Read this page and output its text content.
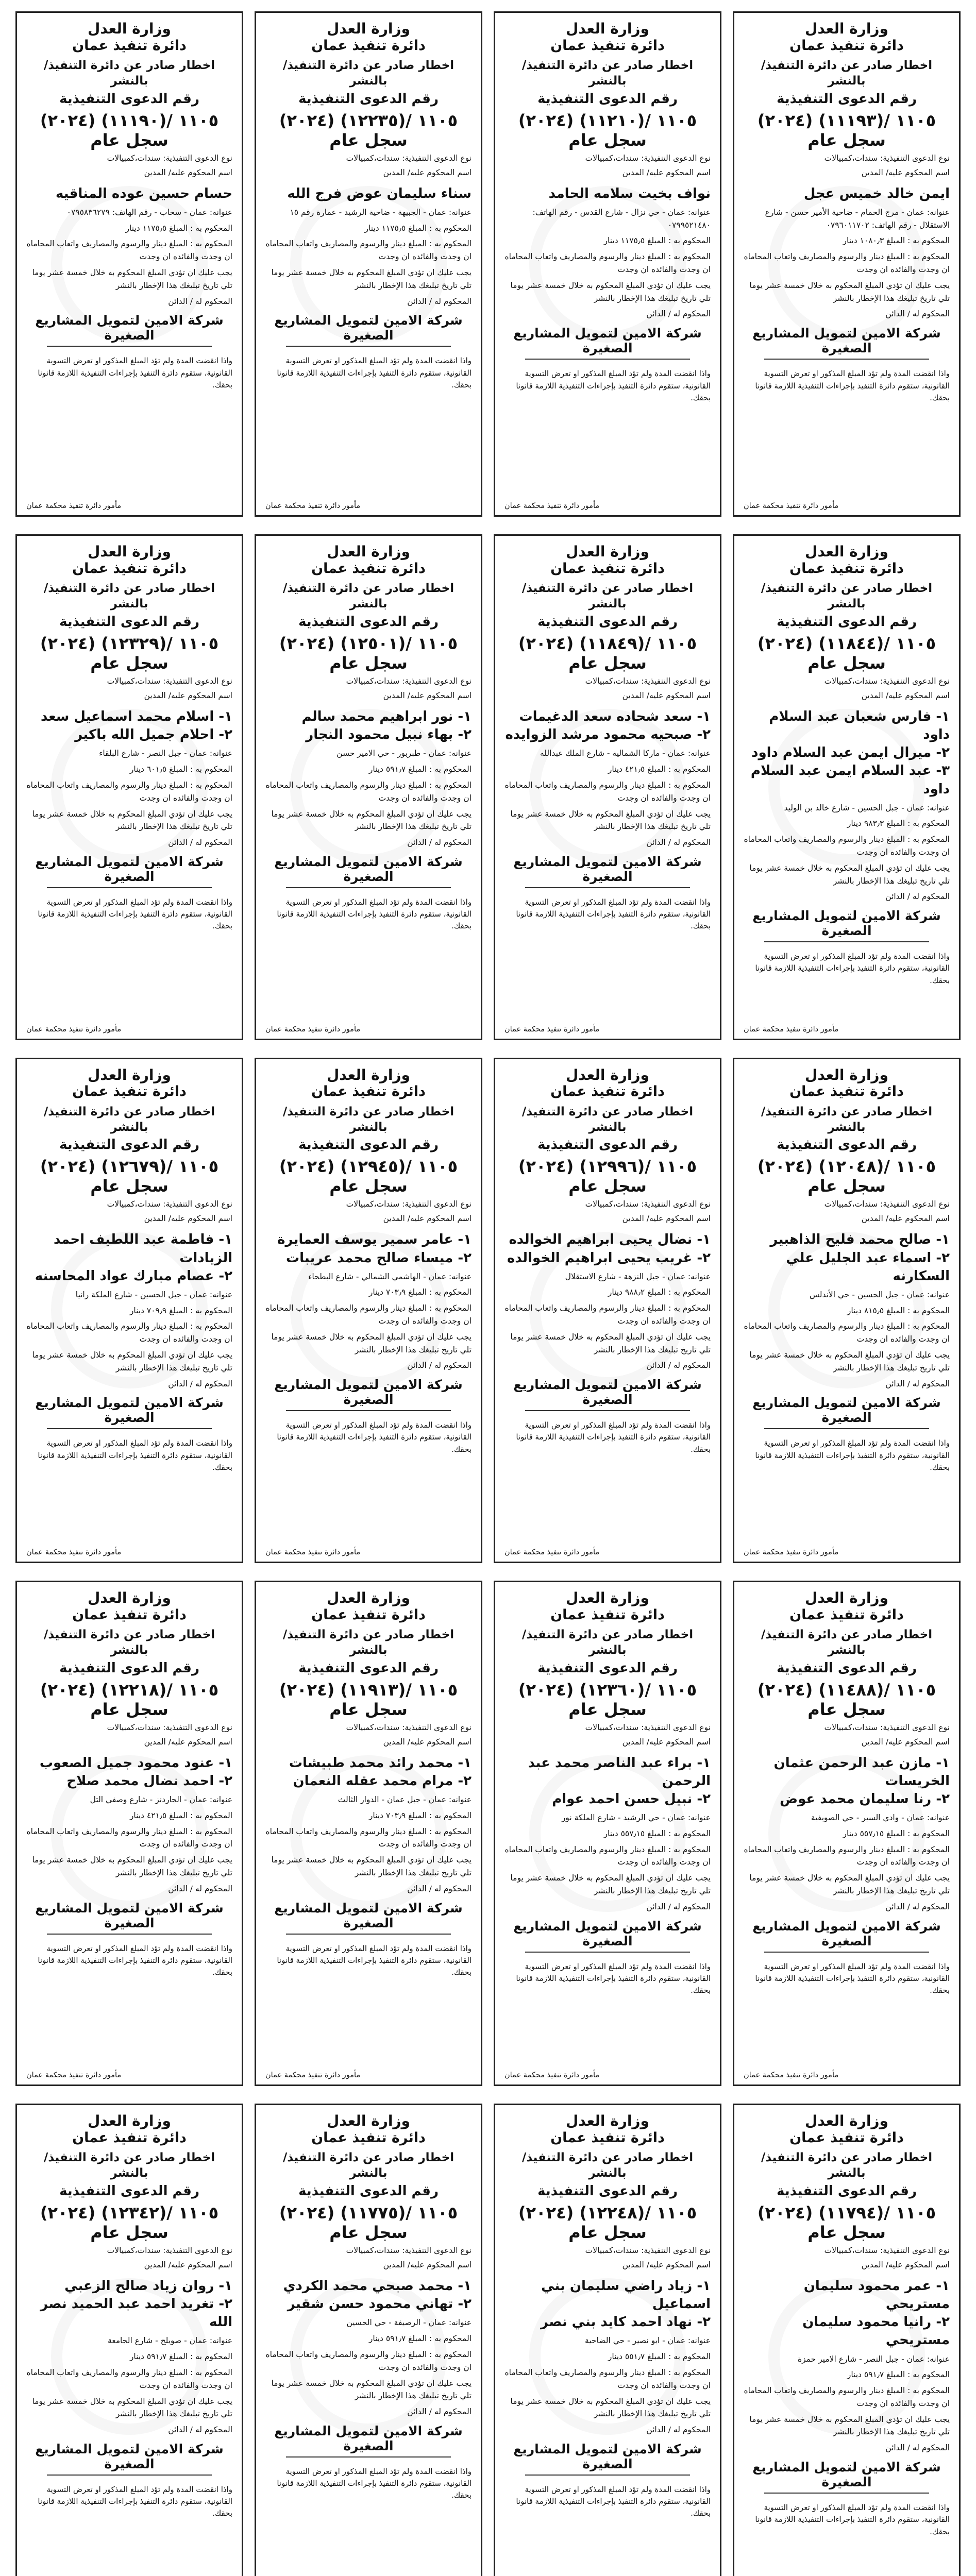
وزارة العدل
دائرة تنفيذ عمان
اخطار صادر عن دائرة التنفيذ/ بالنشر
رقم الدعوى التنفيذية
١١٠٥ /(١١١٩٣) (٢٠٢٤) سجل عام
نوع الدعوى التنفيذية: سندات،كمبيالات
اسم المحكوم عليه/ المدين
ايمن خالد خميس عجل
عنوانه: عمان - مرج الحمام - ضاحية الأمير حسن - شارع الاستقلال - رقم الهاتف: ٠٧٩٦٠١١٧٠٢
المحكوم به : المبلغ ١٠٨٠٫٣ دينار
المحكوم به : المبلغ دينار والرسوم والمصاريف واتعاب المحاماه ان وجدت والفائده ان وجدت
يجب عليك ان تؤدي المبلغ المحكوم به خلال خمسة عشر يوما تلي تاريخ تبليغك هذا الإخطار بالنشر
المحكوم له / الدائن
شركة الامين لتمويل المشاريع الصغيرة
واذا انقضت المدة ولم تؤد المبلغ المذكور او تعرض التسوية القانونية، ستقوم دائرة التنفيذ بإجراءات التنفيذية اللازمة قانونا بحقك.
مأمور دائرة تنفيذ محكمة عمان
وزارة العدل
دائرة تنفيذ عمان
اخطار صادر عن دائرة التنفيذ/ بالنشر
رقم الدعوى التنفيذية
١١٠٥ /(١١٢١٠) (٢٠٢٤) سجل عام
نوع الدعوى التنفيذية: سندات،كمبيالات
اسم المحكوم عليه/ المدين
نواف بخيت سلامه الحامد
عنوانه: عمان - حي نزال - شارع القدس - رقم الهاتف: ٠٧٩٩٥٢١٤٨٠
المحكوم به : المبلغ ١١٧٥٫٥ دينار
المحكوم به : المبلغ دينار والرسوم والمصاريف واتعاب المحاماه ان وجدت والفائده ان وجدت
يجب عليك ان تؤدي المبلغ المحكوم به خلال خمسة عشر يوما تلي تاريخ تبليغك هذا الإخطار بالنشر
المحكوم له / الدائن
شركة الامين لتمويل المشاريع الصغيرة
واذا انقضت المدة ولم تؤد المبلغ المذكور او تعرض التسوية القانونية، ستقوم دائرة التنفيذ بإجراءات التنفيذية اللازمة قانونا بحقك.
مأمور دائرة تنفيذ محكمة عمان
وزارة العدل
دائرة تنفيذ عمان
اخطار صادر عن دائرة التنفيذ/ بالنشر
رقم الدعوى التنفيذية
١١٠٥ /(١٢٢٣٥) (٢٠٢٤) سجل عام
نوع الدعوى التنفيذية: سندات،كمبيالات
اسم المحكوم عليه/ المدين
سناء سليمان عوض فرج الله
عنوانه: عمان - الجبيهة - ضاحية الرشيد - عمارة رقم ١٥
المحكوم به : المبلغ ١١٧٥٫٥ دينار
المحكوم به : المبلغ دينار والرسوم والمصاريف واتعاب المحاماه ان وجدت والفائده ان وجدت
يجب عليك ان تؤدي المبلغ المحكوم به خلال خمسة عشر يوما تلي تاريخ تبليغك هذا الإخطار بالنشر
المحكوم له / الدائن
شركة الامين لتمويل المشاريع الصغيرة
واذا انقضت المدة ولم تؤد المبلغ المذكور او تعرض التسوية القانونية، ستقوم دائرة التنفيذ بإجراءات التنفيذية اللازمة قانونا بحقك.
مأمور دائرة تنفيذ محكمة عمان
وزارة العدل
دائرة تنفيذ عمان
اخطار صادر عن دائرة التنفيذ/ بالنشر
رقم الدعوى التنفيذية
١١٠٥ /(١١١٩٠) (٢٠٢٤) سجل عام
نوع الدعوى التنفيذية: سندات،كمبيالات
اسم المحكوم عليه/ المدين
حسام حسين عوده المناقيه
عنوانه: عمان - سحاب - رقم الهاتف: ٠٧٩٥٨٣٦٢٧٩
المحكوم به : المبلغ ١١٧٥٫٥ دينار
المحكوم به : المبلغ دينار والرسوم والمصاريف واتعاب المحاماه ان وجدت والفائده ان وجدت
يجب عليك ان تؤدي المبلغ المحكوم به خلال خمسة عشر يوما تلي تاريخ تبليغك هذا الإخطار بالنشر
المحكوم له / الدائن
شركة الامين لتمويل المشاريع الصغيرة
واذا انقضت المدة ولم تؤد المبلغ المذكور او تعرض التسوية القانونية، ستقوم دائرة التنفيذ بإجراءات التنفيذية اللازمة قانونا بحقك.
مأمور دائرة تنفيذ محكمة عمان
وزارة العدل
دائرة تنفيذ عمان
اخطار صادر عن دائرة التنفيذ/ بالنشر
رقم الدعوى التنفيذية
١١٠٥ /(١١٨٤٤) (٢٠٢٤) سجل عام
نوع الدعوى التنفيذية: سندات،كمبيالات
اسم المحكوم عليه/ المدين
١- فارس شعبان عبد السلام داود
٢- ميرال ايمن عبد السلام داود
٣- عبد السلام ايمن عبد السلام داود
عنوانه: عمان - جبل الحسين - شارع خالد بن الوليد
المحكوم به : المبلغ ٩٨٣٫٣ دينار
المحكوم به : المبلغ دينار والرسوم والمصاريف واتعاب المحاماه ان وجدت والفائده ان وجدت
يجب عليك ان تؤدي المبلغ المحكوم به خلال خمسة عشر يوما تلي تاريخ تبليغك هذا الإخطار بالنشر
المحكوم له / الدائن
شركة الامين لتمويل المشاريع الصغيرة
واذا انقضت المدة ولم تؤد المبلغ المذكور او تعرض التسوية القانونية، ستقوم دائرة التنفيذ بإجراءات التنفيذية اللازمة قانونا بحقك.
مأمور دائرة تنفيذ محكمة عمان
وزارة العدل
دائرة تنفيذ عمان
اخطار صادر عن دائرة التنفيذ/ بالنشر
رقم الدعوى التنفيذية
١١٠٥ /(١١٨٤٩) (٢٠٢٤) سجل عام
نوع الدعوى التنفيذية: سندات،كمبيالات
اسم المحكوم عليه/ المدين
١- سعد شحاده سعد الدغيمات
٢- صبحيه محمود مرشد الزوايده
عنوانه: عمان - ماركا الشمالية - شارع الملك عبدالله
المحكوم به : المبلغ ٤٢١٫٥ دينار
المحكوم به : المبلغ دينار والرسوم والمصاريف واتعاب المحاماه ان وجدت والفائده ان وجدت
يجب عليك ان تؤدي المبلغ المحكوم به خلال خمسة عشر يوما تلي تاريخ تبليغك هذا الإخطار بالنشر
المحكوم له / الدائن
شركة الامين لتمويل المشاريع الصغيرة
واذا انقضت المدة ولم تؤد المبلغ المذكور او تعرض التسوية القانونية، ستقوم دائرة التنفيذ بإجراءات التنفيذية اللازمة قانونا بحقك.
مأمور دائرة تنفيذ محكمة عمان
وزارة العدل
دائرة تنفيذ عمان
اخطار صادر عن دائرة التنفيذ/ بالنشر
رقم الدعوى التنفيذية
١١٠٥ /(١٢٥٠١) (٢٠٢٤) سجل عام
نوع الدعوى التنفيذية: سندات،كمبيالات
اسم المحكوم عليه/ المدين
١- نور ابراهيم محمد سالم
٢- بهاء نبيل محمود النجار
عنوانه: عمان - طبربور - حي الامير حسن
المحكوم به : المبلغ ٥٩١٫٧ دينار
المحكوم به : المبلغ دينار والرسوم والمصاريف واتعاب المحاماه ان وجدت والفائده ان وجدت
يجب عليك ان تؤدي المبلغ المحكوم به خلال خمسة عشر يوما تلي تاريخ تبليغك هذا الإخطار بالنشر
المحكوم له / الدائن
شركة الامين لتمويل المشاريع الصغيرة
واذا انقضت المدة ولم تؤد المبلغ المذكور او تعرض التسوية القانونية، ستقوم دائرة التنفيذ بإجراءات التنفيذية اللازمة قانونا بحقك.
مأمور دائرة تنفيذ محكمة عمان
وزارة العدل
دائرة تنفيذ عمان
اخطار صادر عن دائرة التنفيذ/ بالنشر
رقم الدعوى التنفيذية
١١٠٥ /(١٢٣٢٩) (٢٠٢٤) سجل عام
نوع الدعوى التنفيذية: سندات،كمبيالات
اسم المحكوم عليه/ المدين
١- اسلام محمد اسماعيل سعد
٢- احلام جميل الله باكير
عنوانه: عمان - جبل النصر - شارع البلقاء
المحكوم به : المبلغ ٦٠١٫٥ دينار
المحكوم به : المبلغ دينار والرسوم والمصاريف واتعاب المحاماه ان وجدت والفائده ان وجدت
يجب عليك ان تؤدي المبلغ المحكوم به خلال خمسة عشر يوما تلي تاريخ تبليغك هذا الإخطار بالنشر
المحكوم له / الدائن
شركة الامين لتمويل المشاريع الصغيرة
واذا انقضت المدة ولم تؤد المبلغ المذكور او تعرض التسوية القانونية، ستقوم دائرة التنفيذ بإجراءات التنفيذية اللازمة قانونا بحقك.
مأمور دائرة تنفيذ محكمة عمان
وزارة العدل
دائرة تنفيذ عمان
اخطار صادر عن دائرة التنفيذ/ بالنشر
رقم الدعوى التنفيذية
١١٠٥ /(١٢٠٤٨) (٢٠٢٤) سجل عام
نوع الدعوى التنفيذية: سندات،كمبيالات
اسم المحكوم عليه/ المدين
١- صالح محمد فليح الذاهبير
٢- اسماء عبد الجليل علي السكارنه
عنوانه: عمان - جبل الحسين - حي الأندلس
المحكوم به : المبلغ ٨١٥٫٥ دينار
المحكوم به : المبلغ دينار والرسوم والمصاريف واتعاب المحاماه ان وجدت والفائده ان وجدت
يجب عليك ان تؤدي المبلغ المحكوم به خلال خمسة عشر يوما تلي تاريخ تبليغك هذا الإخطار بالنشر
المحكوم له / الدائن
شركة الامين لتمويل المشاريع الصغيرة
واذا انقضت المدة ولم تؤد المبلغ المذكور او تعرض التسوية القانونية، ستقوم دائرة التنفيذ بإجراءات التنفيذية اللازمة قانونا بحقك.
مأمور دائرة تنفيذ محكمة عمان
وزارة العدل
دائرة تنفيذ عمان
اخطار صادر عن دائرة التنفيذ/ بالنشر
رقم الدعوى التنفيذية
١١٠٥ /(١٢٩٩٦) (٢٠٢٤) سجل عام
نوع الدعوى التنفيذية: سندات،كمبيالات
اسم المحكوم عليه/ المدين
١- نضال يحيى ابراهيم الخوالده
٢- غريب يحيى ابراهيم الخوالده
عنوانه: عمان - جبل النزهة - شارع الاستقلال
المحكوم به : المبلغ ٩٨٨٫٢ دينار
المحكوم به : المبلغ دينار والرسوم والمصاريف واتعاب المحاماه ان وجدت والفائده ان وجدت
يجب عليك ان تؤدي المبلغ المحكوم به خلال خمسة عشر يوما تلي تاريخ تبليغك هذا الإخطار بالنشر
المحكوم له / الدائن
شركة الامين لتمويل المشاريع الصغيرة
واذا انقضت المدة ولم تؤد المبلغ المذكور او تعرض التسوية القانونية، ستقوم دائرة التنفيذ بإجراءات التنفيذية اللازمة قانونا بحقك.
مأمور دائرة تنفيذ محكمة عمان
وزارة العدل
دائرة تنفيذ عمان
اخطار صادر عن دائرة التنفيذ/ بالنشر
رقم الدعوى التنفيذية
١١٠٥ /(١٢٩٤٥) (٢٠٢٤) سجل عام
نوع الدعوى التنفيذية: سندات،كمبيالات
اسم المحكوم عليه/ المدين
١- عامر سمير يوسف العمايرة
٢- ميساء صالح محمد عريبات
عنوانه: عمان - الهاشمي الشمالي - شارع البطحاء
المحكوم به : المبلغ ٧٠٣٫٩ دينار
المحكوم به : المبلغ دينار والرسوم والمصاريف واتعاب المحاماه ان وجدت والفائده ان وجدت
يجب عليك ان تؤدي المبلغ المحكوم به خلال خمسة عشر يوما تلي تاريخ تبليغك هذا الإخطار بالنشر
المحكوم له / الدائن
شركة الامين لتمويل المشاريع الصغيرة
واذا انقضت المدة ولم تؤد المبلغ المذكور او تعرض التسوية القانونية، ستقوم دائرة التنفيذ بإجراءات التنفيذية اللازمة قانونا بحقك.
مأمور دائرة تنفيذ محكمة عمان
وزارة العدل
دائرة تنفيذ عمان
اخطار صادر عن دائرة التنفيذ/ بالنشر
رقم الدعوى التنفيذية
١١٠٥ /(١٢٦٧٩) (٢٠٢٤) سجل عام
نوع الدعوى التنفيذية: سندات،كمبيالات
اسم المحكوم عليه/ المدين
١- فاطمة عبد اللطيف احمد الزيادات
٢- عصام مبارك عواد المحاسنه
عنوانه: عمان - جبل الحسين - شارع الملكة رانيا
المحكوم به : المبلغ ٧٠٩٫٩ دينار
المحكوم به : المبلغ دينار والرسوم والمصاريف واتعاب المحاماه ان وجدت والفائده ان وجدت
يجب عليك ان تؤدي المبلغ المحكوم به خلال خمسة عشر يوما تلي تاريخ تبليغك هذا الإخطار بالنشر
المحكوم له / الدائن
شركة الامين لتمويل المشاريع الصغيرة
واذا انقضت المدة ولم تؤد المبلغ المذكور او تعرض التسوية القانونية، ستقوم دائرة التنفيذ بإجراءات التنفيذية اللازمة قانونا بحقك.
مأمور دائرة تنفيذ محكمة عمان
وزارة العدل
دائرة تنفيذ عمان
اخطار صادر عن دائرة التنفيذ/ بالنشر
رقم الدعوى التنفيذية
١١٠٥ /(١١٤٨٨) (٢٠٢٤) سجل عام
نوع الدعوى التنفيذية: سندات،كمبيالات
اسم المحكوم عليه/ المدين
١- مازن عبد الرحمن عثمان الخريسات
٢- رنا سليمان محمد عوض
عنوانه: عمان - وادي السير - حي الصويفية
المحكوم به : المبلغ ٥٥٧٫١٥ دينار
المحكوم به : المبلغ دينار والرسوم والمصاريف واتعاب المحاماه ان وجدت والفائده ان وجدت
يجب عليك ان تؤدي المبلغ المحكوم به خلال خمسة عشر يوما تلي تاريخ تبليغك هذا الإخطار بالنشر
المحكوم له / الدائن
شركة الامين لتمويل المشاريع الصغيرة
واذا انقضت المدة ولم تؤد المبلغ المذكور او تعرض التسوية القانونية، ستقوم دائرة التنفيذ بإجراءات التنفيذية اللازمة قانونا بحقك.
مأمور دائرة تنفيذ محكمة عمان
وزارة العدل
دائرة تنفيذ عمان
اخطار صادر عن دائرة التنفيذ/ بالنشر
رقم الدعوى التنفيذية
١١٠٥ /(١٢٣٦٠) (٢٠٢٤) سجل عام
نوع الدعوى التنفيذية: سندات،كمبيالات
اسم المحكوم عليه/ المدين
١- براء عبد الناصر محمد عبد الرحمن
٢- نبيل حسن احمد عوام
عنوانه: عمان - حي الرشيد - شارع الملكة نور
المحكوم به : المبلغ ٥٥٧٫١٥ دينار
المحكوم به : المبلغ دينار والرسوم والمصاريف واتعاب المحاماه ان وجدت والفائده ان وجدت
يجب عليك ان تؤدي المبلغ المحكوم به خلال خمسة عشر يوما تلي تاريخ تبليغك هذا الإخطار بالنشر
المحكوم له / الدائن
شركة الامين لتمويل المشاريع الصغيرة
واذا انقضت المدة ولم تؤد المبلغ المذكور او تعرض التسوية القانونية، ستقوم دائرة التنفيذ بإجراءات التنفيذية اللازمة قانونا بحقك.
مأمور دائرة تنفيذ محكمة عمان
وزارة العدل
دائرة تنفيذ عمان
اخطار صادر عن دائرة التنفيذ/ بالنشر
رقم الدعوى التنفيذية
١١٠٥ /(١١٩١٣) (٢٠٢٤) سجل عام
نوع الدعوى التنفيذية: سندات،كمبيالات
اسم المحكوم عليه/ المدين
١- محمد رائد محمد طبيشات
٢- مرام محمد عقله النعمان
عنوانه: عمان - جبل عمان - الدوار الثالث
المحكوم به : المبلغ ٧٠٣٫٩ دينار
المحكوم به : المبلغ دينار والرسوم والمصاريف واتعاب المحاماه ان وجدت والفائده ان وجدت
يجب عليك ان تؤدي المبلغ المحكوم به خلال خمسة عشر يوما تلي تاريخ تبليغك هذا الإخطار بالنشر
المحكوم له / الدائن
شركة الامين لتمويل المشاريع الصغيرة
واذا انقضت المدة ولم تؤد المبلغ المذكور او تعرض التسوية القانونية، ستقوم دائرة التنفيذ بإجراءات التنفيذية اللازمة قانونا بحقك.
مأمور دائرة تنفيذ محكمة عمان
وزارة العدل
دائرة تنفيذ عمان
اخطار صادر عن دائرة التنفيذ/ بالنشر
رقم الدعوى التنفيذية
١١٠٥ /(١٢٢١٨) (٢٠٢٤) سجل عام
نوع الدعوى التنفيذية: سندات،كمبيالات
اسم المحكوم عليه/ المدين
١- عنود محمود جميل الصعوب
٢- احمد نضال محمد صلاح
عنوانه: عمان - الجاردنز - شارع وصفي التل
المحكوم به : المبلغ ٤٢١٫٥ دينار
المحكوم به : المبلغ دينار والرسوم والمصاريف واتعاب المحاماه ان وجدت والفائده ان وجدت
يجب عليك ان تؤدي المبلغ المحكوم به خلال خمسة عشر يوما تلي تاريخ تبليغك هذا الإخطار بالنشر
المحكوم له / الدائن
شركة الامين لتمويل المشاريع الصغيرة
واذا انقضت المدة ولم تؤد المبلغ المذكور او تعرض التسوية القانونية، ستقوم دائرة التنفيذ بإجراءات التنفيذية اللازمة قانونا بحقك.
مأمور دائرة تنفيذ محكمة عمان
وزارة العدل
دائرة تنفيذ عمان
اخطار صادر عن دائرة التنفيذ/ بالنشر
رقم الدعوى التنفيذية
١١٠٥ /(١١٧٩٤) (٢٠٢٤) سجل عام
نوع الدعوى التنفيذية: سندات،كمبيالات
اسم المحكوم عليه/ المدين
١- عمر محمود سليمان مستريحي
٢- رانيا محمود سليمان مستريحي
عنوانه: عمان - جبل النصر - شارع الامير حمزة
المحكوم به : المبلغ ٥٩١٫٧ دينار
المحكوم به : المبلغ دينار والرسوم والمصاريف واتعاب المحاماه ان وجدت والفائده ان وجدت
يجب عليك ان تؤدي المبلغ المحكوم به خلال خمسة عشر يوما تلي تاريخ تبليغك هذا الإخطار بالنشر
المحكوم له / الدائن
شركة الامين لتمويل المشاريع الصغيرة
واذا انقضت المدة ولم تؤد المبلغ المذكور او تعرض التسوية القانونية، ستقوم دائرة التنفيذ بإجراءات التنفيذية اللازمة قانونا بحقك.
وزارة العدل
دائرة تنفيذ عمان
اخطار صادر عن دائرة التنفيذ/ بالنشر
رقم الدعوى التنفيذية
١١٠٥ /(١٢٢٤٨) (٢٠٢٤) سجل عام
نوع الدعوى التنفيذية: سندات،كمبيالات
اسم المحكوم عليه/ المدين
١- زياد راضي سليمان بني اسماعيل
٢- نهاد احمد كايد بني نصر
عنوانه: عمان - ابو نصير - حي الضاحية
المحكوم به : المبلغ ٥٥١٫٧ دينار
المحكوم به : المبلغ دينار والرسوم والمصاريف واتعاب المحاماه ان وجدت والفائده ان وجدت
يجب عليك ان تؤدي المبلغ المحكوم به خلال خمسة عشر يوما تلي تاريخ تبليغك هذا الإخطار بالنشر
المحكوم له / الدائن
شركة الامين لتمويل المشاريع الصغيرة
واذا انقضت المدة ولم تؤد المبلغ المذكور او تعرض التسوية القانونية، ستقوم دائرة التنفيذ بإجراءات التنفيذية اللازمة قانونا بحقك.
وزارة العدل
دائرة تنفيذ عمان
اخطار صادر عن دائرة التنفيذ/ بالنشر
رقم الدعوى التنفيذية
١١٠٥ /(١١٧٧٥) (٢٠٢٤) سجل عام
نوع الدعوى التنفيذية: سندات،كمبيالات
اسم المحكوم عليه/ المدين
١- محمد صبحي محمد الكردي
٢- تهاني محمود حسن شقير
عنوانه: عمان - الرصيفة - حي الحسين
المحكوم به : المبلغ ٥٩١٫٧ دينار
المحكوم به : المبلغ دينار والرسوم والمصاريف واتعاب المحاماه ان وجدت والفائده ان وجدت
يجب عليك ان تؤدي المبلغ المحكوم به خلال خمسة عشر يوما تلي تاريخ تبليغك هذا الإخطار بالنشر
المحكوم له / الدائن
شركة الامين لتمويل المشاريع الصغيرة
واذا انقضت المدة ولم تؤد المبلغ المذكور او تعرض التسوية القانونية، ستقوم دائرة التنفيذ بإجراءات التنفيذية اللازمة قانونا بحقك.
وزارة العدل
دائرة تنفيذ عمان
اخطار صادر عن دائرة التنفيذ/ بالنشر
رقم الدعوى التنفيذية
١١٠٥ /(١٢٣٤٢) (٢٠٢٤) سجل عام
نوع الدعوى التنفيذية: سندات،كمبيالات
اسم المحكوم عليه/ المدين
١- روان زياد صالح الزعبي
٢- تغريد احمد عبد الحميد نصر الله
عنوانه: عمان - صويلح - شارع الجامعة
المحكوم به : المبلغ ٥٩١٫٧ دينار
المحكوم به : المبلغ دينار والرسوم والمصاريف واتعاب المحاماه ان وجدت والفائده ان وجدت
يجب عليك ان تؤدي المبلغ المحكوم به خلال خمسة عشر يوما تلي تاريخ تبليغك هذا الإخطار بالنشر
المحكوم له / الدائن
شركة الامين لتمويل المشاريع الصغيرة
واذا انقضت المدة ولم تؤد المبلغ المذكور او تعرض التسوية القانونية، ستقوم دائرة التنفيذ بإجراءات التنفيذية اللازمة قانونا بحقك.
